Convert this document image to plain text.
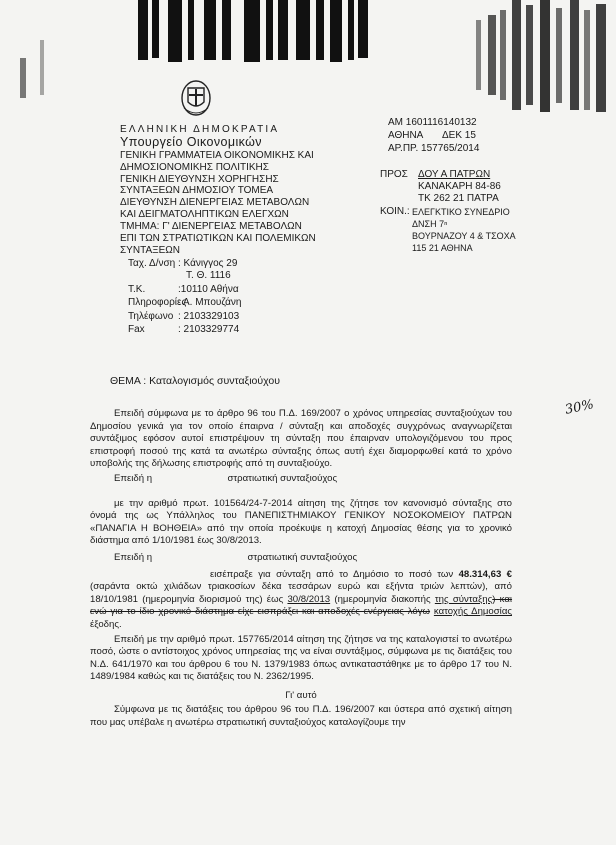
ΕΛΛΗΝΙΚΗ ΔΗΜΟΚΡΑΤΙΑ
Υπουργείο Οικονομικών
ΓΕΝΙΚΗ ΓΡΑΜΜΑΤΕΙΑ ΟΙΚΟΝΟΜΙΚΗΣ ΚΑΙ
ΔΗΜΟΣΙΟΝΟΜΙΚΗΣ ΠΟΛΙΤΙΚΗΣ
ΓΕΝΙΚΗ ΔΙΕΥΘΥΝΣΗ ΧΟΡΗΓΗΣΗΣ
ΣΥΝΤΑΞΕΩΝ ΔΗΜΟΣΙΟΥ ΤΟΜΕΑ
ΔΙΕΥΘΥΝΣΗ ΔΙΕΝΕΡΓΕΙΑΣ ΜΕΤΑΒΟΛΩΝ
ΚΑΙ ΔΕΙΓΜΑΤΟΛΗΠΤΙΚΩΝ ΕΛΕΓΧΩΝ
ΤΜΗΜΑ: Γ' ΔΙΕΝΕΡΓΕΙΑΣ ΜΕΤΑΒΟΛΩΝ
ΕΠΙ ΤΩΝ ΣΤΡΑΤΙΩΤΙΚΩΝ ΚΑΙ ΠΟΛΕΜΙΚΩΝ
ΣΥΝΤΑΞΕΩΝ
Ταχ. Δ/νση : Κάνιγγος 29
Τ. Θ. 1116
Τ.Κ.	:10110 Αθήνα
Πληροφορίες
: Α. Μπουζάνη
Τηλέφωνο : 2103329103
Fax	: 2103329774
ΑΜ 1601116140132
ΑΘΗΝΑ ΔΕΚ 15
ΑΡ.ΠΡ. 157765/2014
ΠΡΟΣ ΔΟΥ Α ΠΑΤΡΩΝ
ΚΑΝΑΚΑΡΗ 84-86
ΤΚ 262 21 ΠΑΤΡΑ
ΚΟΙΝ.: ΕΛΕΓΚΤΙΚΟ ΣΥΝΕΔΡΙΟ
ΔΝΣΗ 7ⁿ
ΒΟΥΡΝΑΖΟΥ 4 & ΤΣΟΧΑ
115 21 ΑΘΗΝΑ
ΘΕΜΑ : Καταλογισμός συνταξιούχου
30%

Επειδή σύμφωνα με το άρθρο 96 του Π.Δ. 169/2007 ο χρόνος υπηρεσίας συνταξιούχων του Δημοσίου γενικά για τον οποίο έπαιρνα / σύνταξη και αποδοχές συγχρόνως αναγνωρίζεται συντάξιμος εφόσον αυτοί επιστρέψουν τη σύνταξη που έπαιρναν υπολογιζόμενου του προς επιστροφή ποσού της κατά τα ανωτέρω σύνταξης όπως αυτή έχει διαμορφωθεί κατά το χρόνο υποβολής της δήλωσης επιστροφής από τη συνταξιούχο.

Επειδή η	στρατιωτική συνταξιούχος

με την αριθμό πρωτ. 101564/24-7-2014 αίτηση της ζήτησε τον κανονισμό σύνταξης στο όνομά της ως Υπάλληλος του ΠΑΝΕΠΙΣΤΗΜΙΑΚΟΥ ΓΕΝΙΚΟΥ ΝΟΣΟΚΟΜΕΙΟΥ ΠΑΤΡΩΝ «ΠΑΝΑΓΙΑ Η ΒΟΗΘΕΙΑ» από την οποία προέκυψε η κατοχή Δημοσίας θέσης για το χρονικό διάστημα από 1/10/1981 έως 30/8/2013.

Επειδή η	στρατιωτική συνταξιούχος

εισέπραξε για σύνταξη από το Δημόσιο το ποσό των 48.314,63 € (σαράντα οκτώ χιλιάδων τριακοσίων δέκα τεσσάρων ευρώ και εξήντα τριών λεπτών), από 18/10/1981 (ημερομηνία διορισμού της) έως 30/8/2013 (ημερομηνία διακοπής της σύνταξης) και ενώ για το ίδιο χρονικό διάστημα είχε εισπράξει και αποδοχές ενέργειας λόγω κατοχής Δημοσίας έξοδης.

Επειδή με την αριθμό πρωτ. 157765/2014 αίτηση της ζήτησε να της καταλογιστεί το ανωτέρω ποσό, ώστε ο αντίστοιχος χρόνος υπηρεσίας της να είναι συντάξιμος, σύμφωνα με τις διατάξεις του Ν.Δ. 641/1970 και του άρθρου 6 του Ν. 1379/1983 όπως αντικαταστάθηκε με το άρθρο 17 του Ν. 1489/1984 καθώς και τις διατάξεις του Ν. 2362/1995.

Γι' αυτό

Σύμφωνα με τις διατάξεις του άρθρου 96 του Π.Δ. 196/2007 και ύστερα από σχετική αίτηση που μας υπέβαλε η ανωτέρω στρατιωτική συνταξιούχος καταλογίζουμε την
